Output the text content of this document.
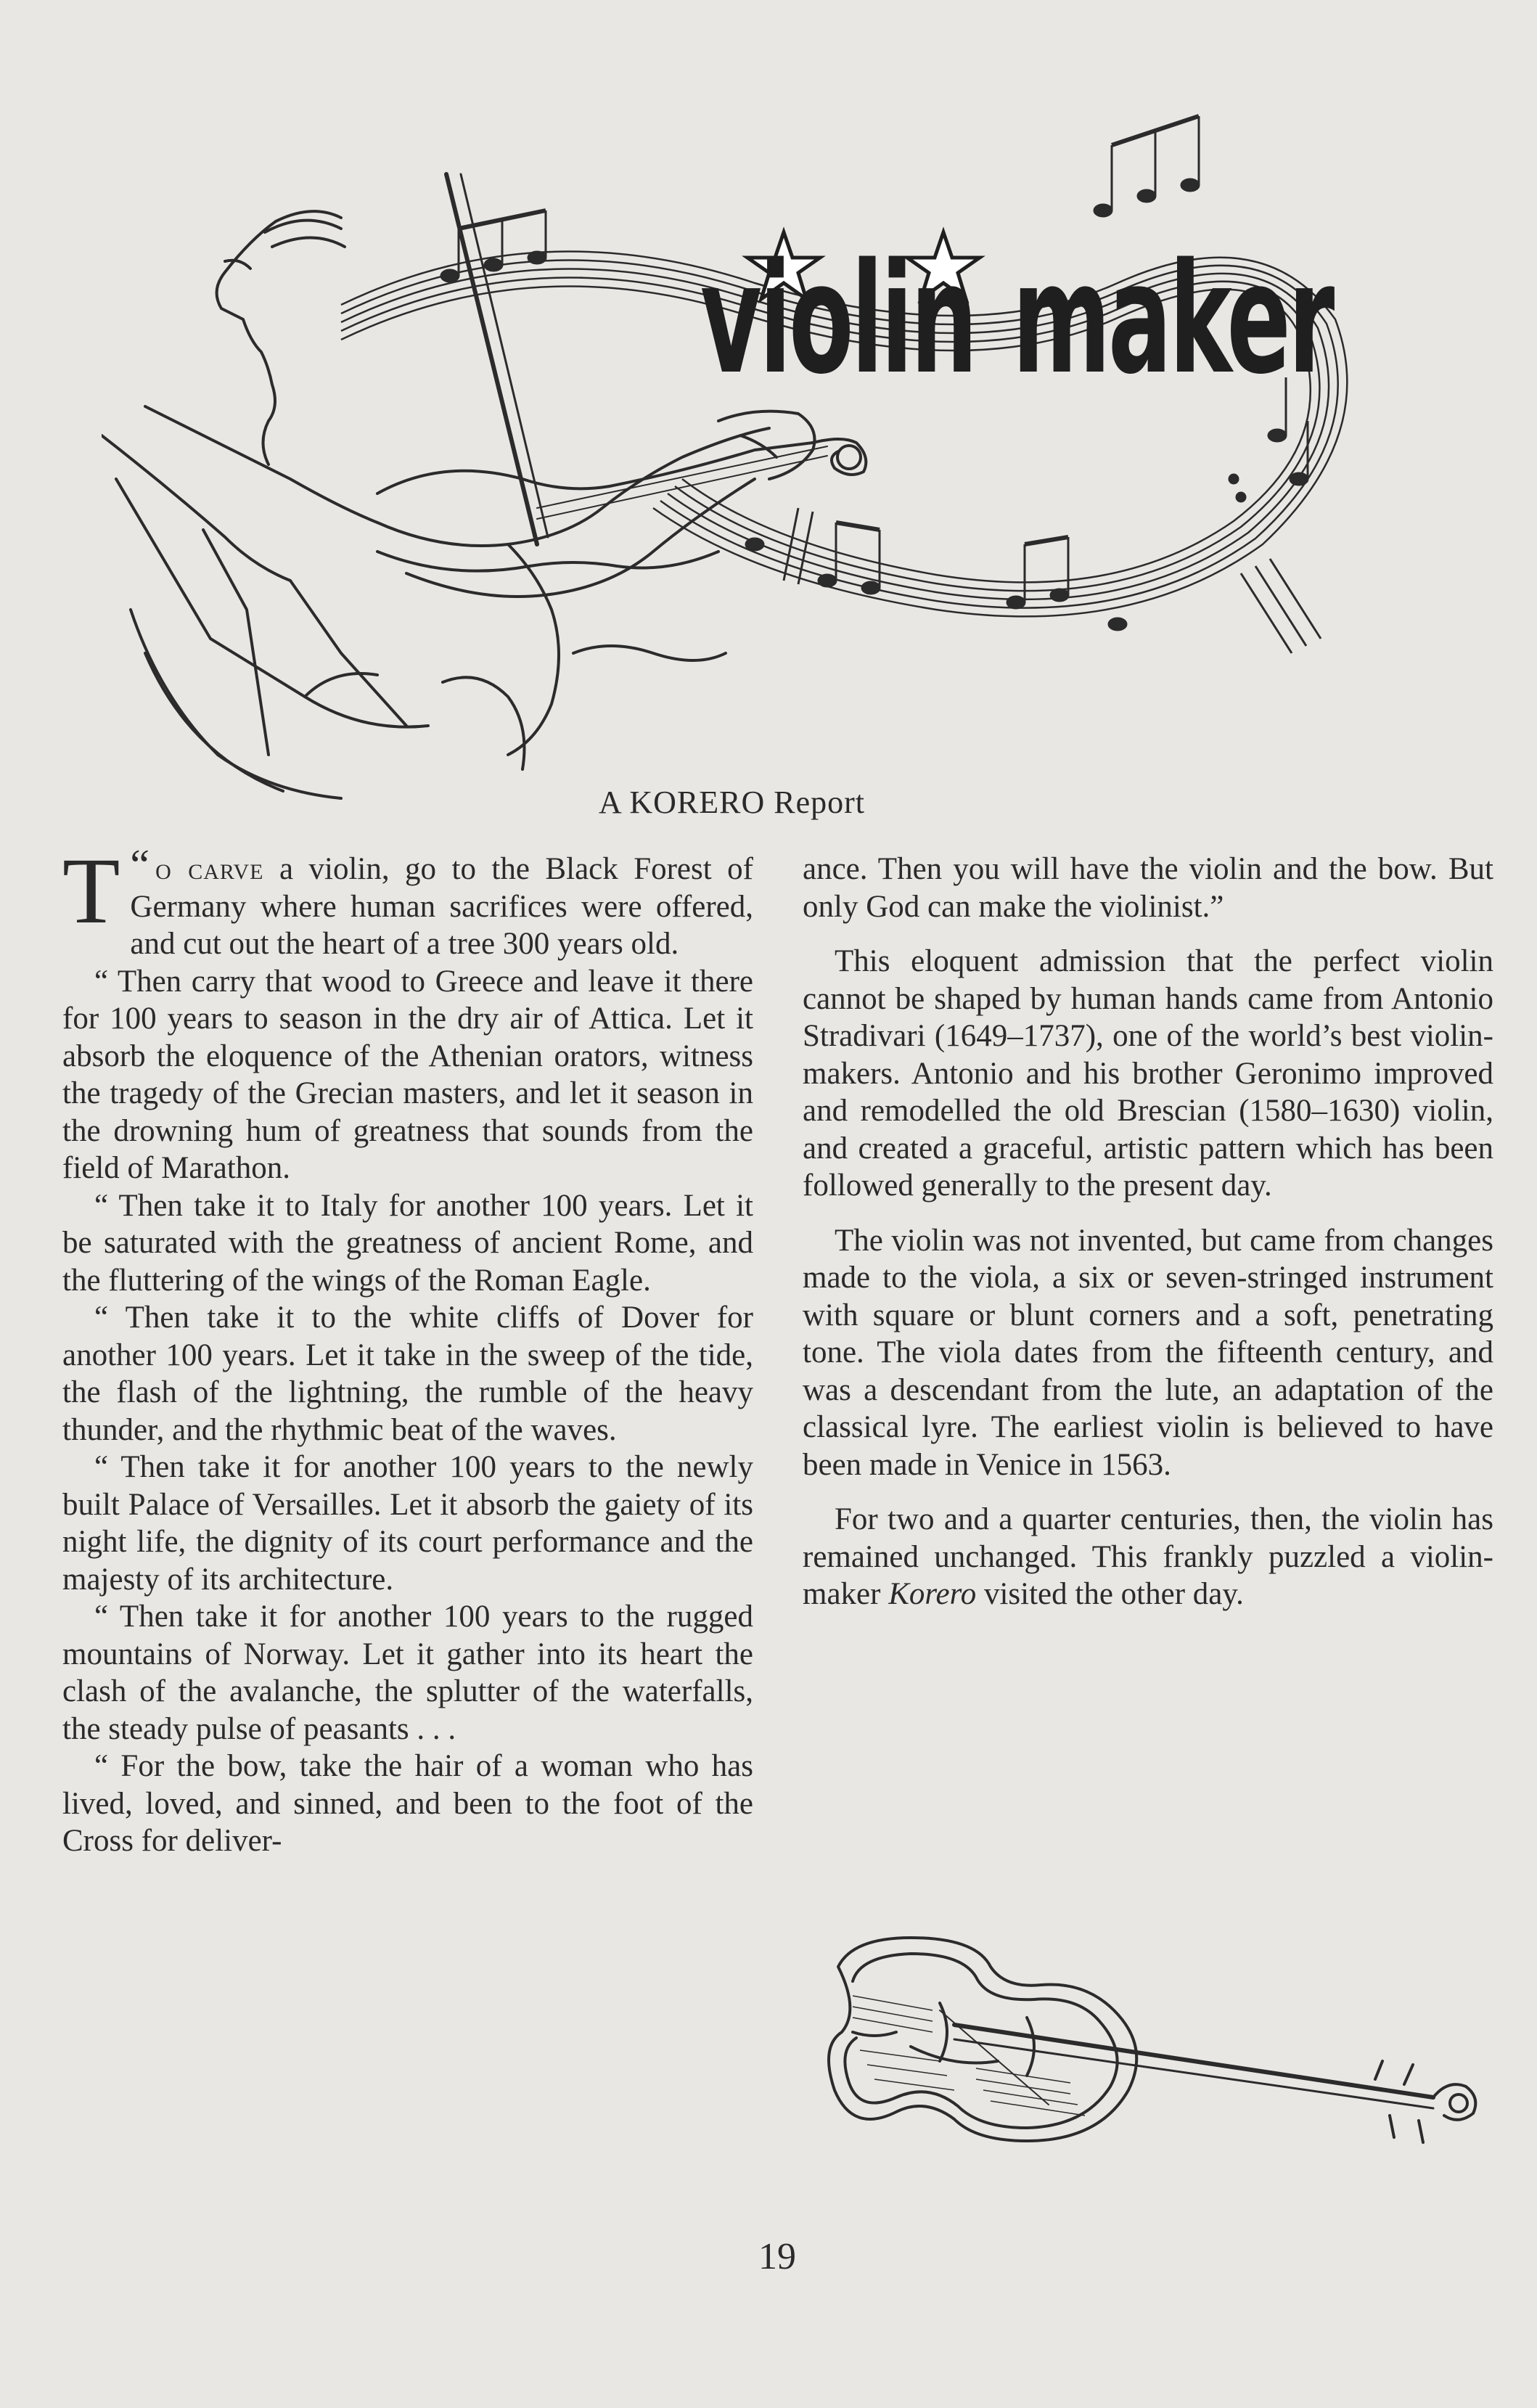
violin maker
A KORERO Report

“
T o carve a violin, go to the Black Forest of Germany where human sacrifices were offered, and cut out the heart of a tree 300 years old.

“ Then carry that wood to Greece and leave it there for 100 years to season in the dry air of Attica. Let it absorb the eloquence of the Athenian orators, witness the tragedy of the Grecian masters, and let it season in the drowning hum of greatness that sounds from the field of Marathon.

“ Then take it to Italy for another 100 years. Let it be saturated with the greatness of ancient Rome, and the fluttering of the wings of the Roman Eagle.

“ Then take it to the white cliffs of Dover for another 100 years. Let it take in the sweep of the tide, the flash of the lightning, the rumble of the heavy thunder, and the rhythmic beat of the waves.

“ Then take it for another 100 years to the newly built Palace of Versailles. Let it absorb the gaiety of its night life, the dignity of its court performance and the majesty of its architecture.

“ Then take it for another 100 years to the rugged mountains of Norway. Let it gather into its heart the clash of the avalanche, the splutter of the waterfalls, the steady pulse of peasants . . .

“ For the bow, take the hair of a woman who has lived, loved, and sinned, and been to the foot of the Cross for deliver-

ance. Then you will have the violin and the bow. But only God can make the violinist.”

This eloquent admission that the perfect violin cannot be shaped by human hands came from Antonio Stradivari (1649–1737), one of the world’s best violin-makers. Antonio and his brother Geronimo improved and remodelled the old Brescian (1580–1630) violin, and created a graceful, artistic pattern which has been followed generally to the present day.

The violin was not invented, but came from changes made to the viola, a six or seven-stringed instrument with square or blunt corners and a soft, penetrating tone. The viola dates from the fifteenth century, and was a descendant from the lute, an adaptation of the classical lyre. The earliest violin is believed to have been made in Venice in 1563.

For two and a quarter centuries, then, the violin has remained unchanged. This frankly puzzled a violin-maker Korero visited the other day.

19
